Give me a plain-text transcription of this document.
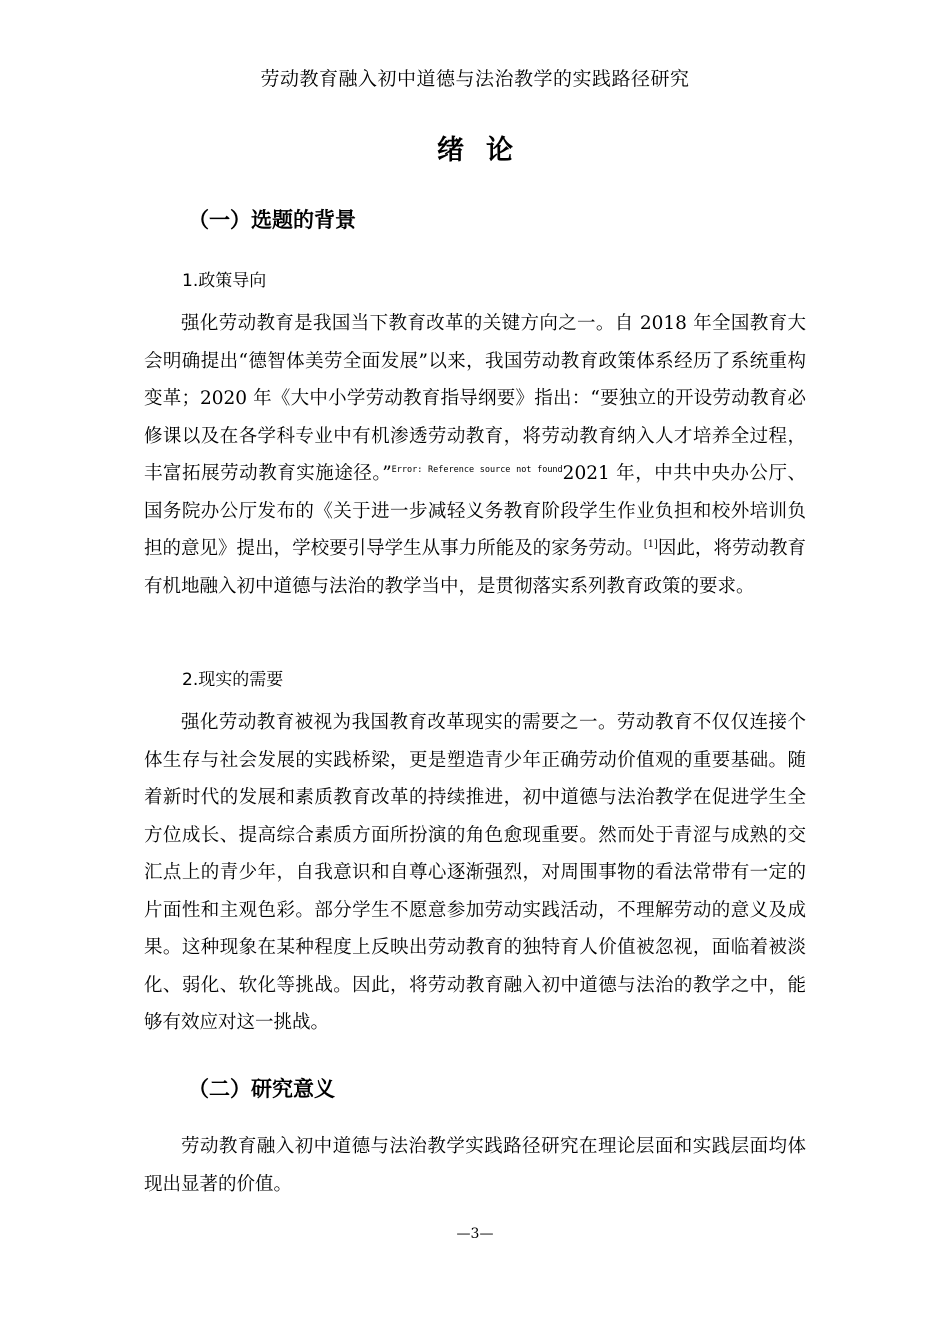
劳动教育融入初中道德与法治教学的实践路径研究
绪论
（一）选题的背景
1.政策导向

强化劳动教育是我国当下教育改革的关键方向之一。自 2018 年全国教育大会明确提出“德智体美劳全面发展”以来，我国劳动教育政策体系经历了系统重构变革；2020 年《大中小学劳动教育指导纲要》指出：“要独立的开设劳动教育必修课以及在各学科专业中有机渗透劳动教育，将劳动教育纳入人才培养全过程，丰富拓展劳动教育实施途径。”$^{Error: Reference source not found}$2021 年，中共中央办公厅、国务院办公厅发布的《关于进一步减轻义务教育阶段学生作业负担和校外培训负担的意见》提出，学校要引导学生从事力所能及的家务劳动。[1]因此，将劳动教育有机地融入初中道德与法治的教学当中，是贯彻落实系列教育政策的要求。

2.现实的需要

强化劳动教育被视为我国教育改革现实的需要之一。劳动教育不仅仅连接个体生存与社会发展的实践桥梁，更是塑造青少年正确劳动价值观的重要基础。随着新时代的发展和素质教育改革的持续推进，初中道德与法治教学在促进学生全方位成长、提高综合素质方面所扮演的角色愈现重要。然而处于青涩与成熟的交汇点上的青少年，自我意识和自尊心逐渐强烈，对周围事物的看法常带有一定的片面性和主观色彩。部分学生不愿意参加劳动实践活动，不理解劳动的意义及成果。这种现象在某种程度上反映出劳动教育的独特育人价值被忽视，面临着被淡化、弱化、软化等挑战。因此，将劳动教育融入初中道德与法治的教学之中，能够有效应对这一挑战。

（二）研究意义

劳动教育融入初中道德与法治教学实践路径研究在理论层面和实践层面均体现出显著的价值。

—3—
